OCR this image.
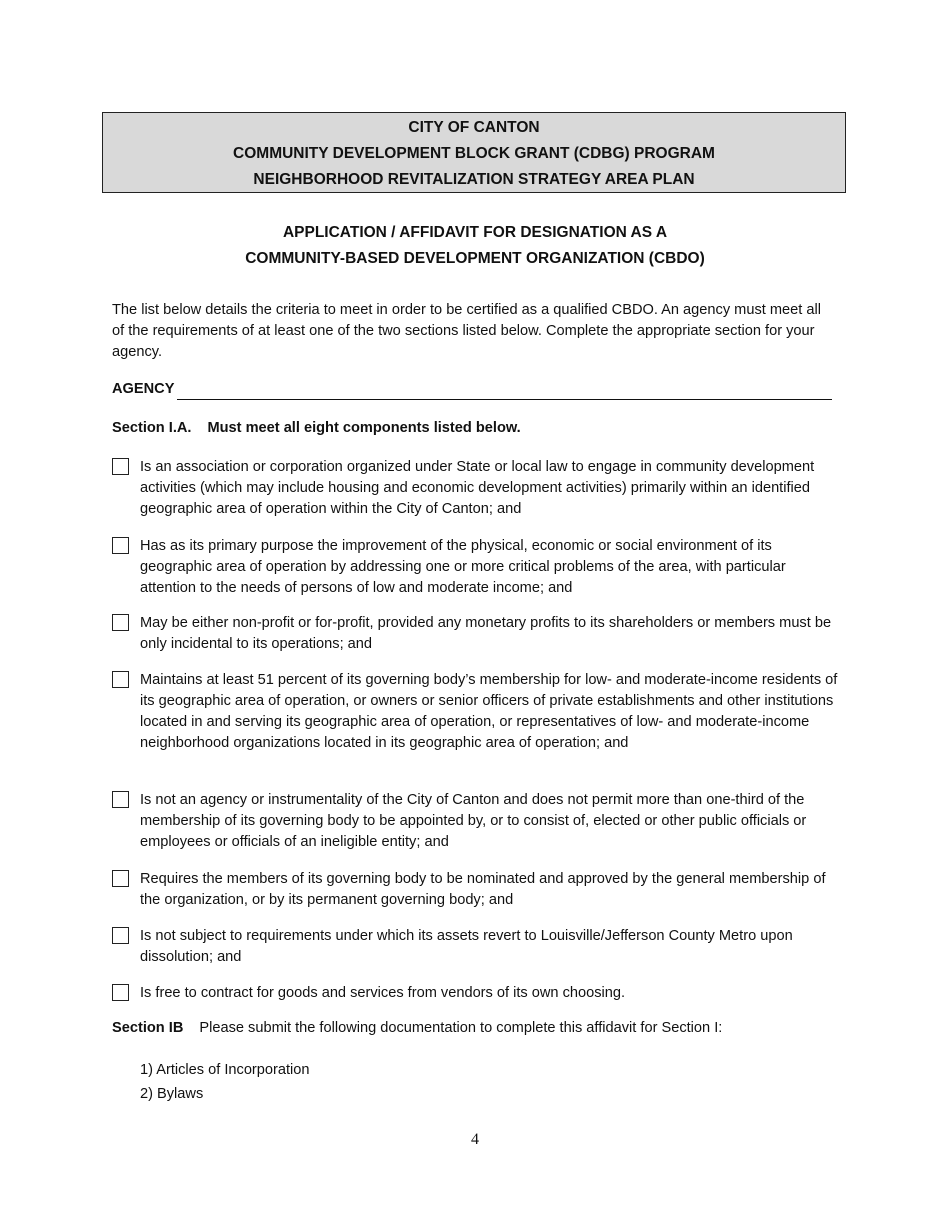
CITY OF CANTON
COMMUNITY DEVELOPMENT BLOCK GRANT (CDBG) PROGRAM
NEIGHBORHOOD REVITALIZATION STRATEGY AREA PLAN
APPLICATION / AFFIDAVIT FOR DESIGNATION AS A
COMMUNITY-BASED DEVELOPMENT ORGANIZATION (CBDO)
The list below details the criteria to meet in order to be certified as a qualified CBDO. An agency must meet all of the requirements of at least one of the two sections listed below. Complete the appropriate section for your agency.
AGENCY
Section I.A. Must meet all eight components listed below.
Is an association or corporation organized under State or local law to engage in community development activities (which may include housing and economic development activities) primarily within an identified geographic area of operation within the City of Canton; and
Has as its primary purpose the improvement of the physical, economic or social environment of its geographic area of operation by addressing one or more critical problems of the area, with particular attention to the needs of persons of low and moderate income; and
May be either non-profit or for-profit, provided any monetary profits to its shareholders or members must be only incidental to its operations; and
Maintains at least 51 percent of its governing body’s membership for low- and moderate-income residents of its geographic area of operation, or owners or senior officers of private establishments and other institutions located in and serving its geographic area of operation, or representatives of low- and moderate-income neighborhood organizations located in its geographic area of operation; and
Is not an agency or instrumentality of the City of Canton and does not permit more than one-third of the membership of its governing body to be appointed by, or to consist of, elected or other public officials or employees or officials of an ineligible entity; and
Requires the members of its governing body to be nominated and approved by the general membership of the organization, or by its permanent governing body; and
Is not subject to requirements under which its assets revert to Louisville/Jefferson County Metro upon dissolution; and
Is free to contract for goods and services from vendors of its own choosing.
Section IB Please submit the following documentation to complete this affidavit for Section I:
1) Articles of Incorporation
2) Bylaws
4
